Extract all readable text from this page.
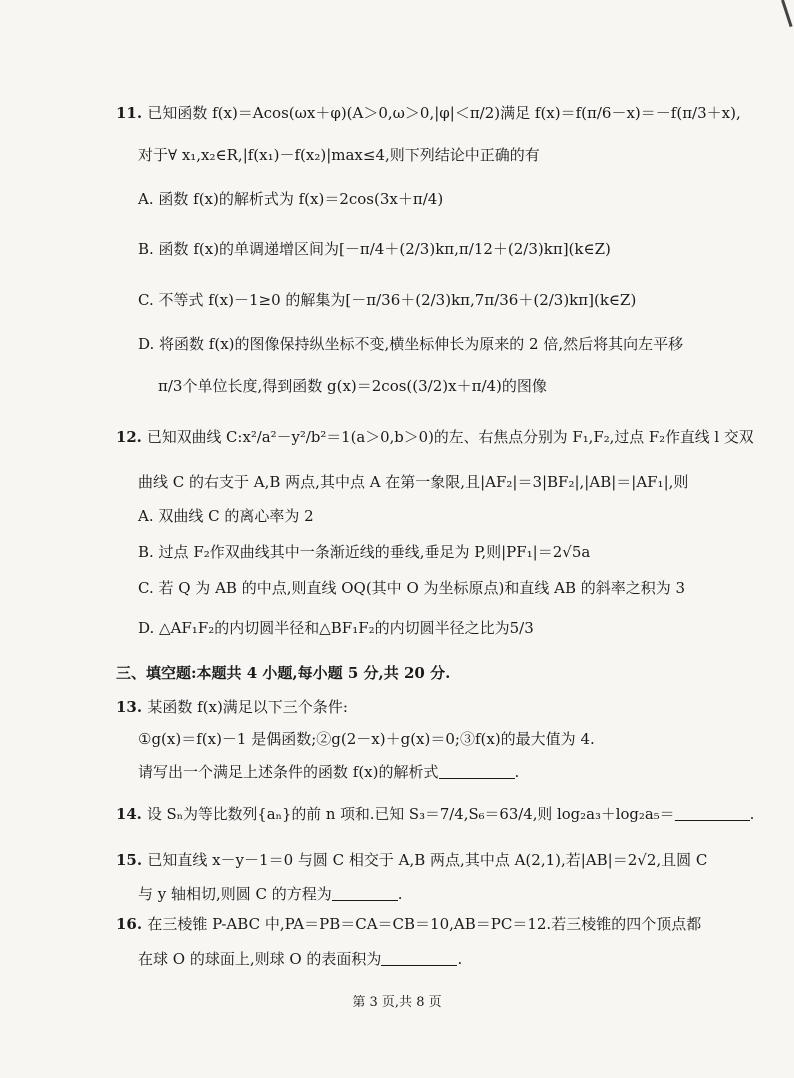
11. 已知函数 f(x)＝Acos(ωx＋φ)(A＞0,ω＞0,|φ|＜π/2)满足 f(x)＝f(π/6－x)＝－f(π/3＋x),
对于∀ x₁,x₂∈R,|f(x₁)－f(x₂)|max≤4,则下列结论中正确的有
A. 函数 f(x)的解析式为 f(x)＝2cos(3x＋π/4)
B. 函数 f(x)的单调递增区间为[－π/4＋(2/3)kπ,π/12＋(2/3)kπ](k∈Z)
C. 不等式 f(x)－1≥0 的解集为[－π/36＋(2/3)kπ,7π/36＋(2/3)kπ](k∈Z)
D. 将函数 f(x)的图像保持纵坐标不变,横坐标伸长为原来的 2 倍,然后将其向左平移
π/3个单位长度,得到函数 g(x)＝2cos((3/2)x＋π/4)的图像
12. 已知双曲线 C:x²/a²－y²/b²＝1(a＞0,b＞0)的左、右焦点分别为 F₁,F₂,过点 F₂作直线 l 交双
曲线 C 的右支于 A,B 两点,其中点 A 在第一象限,且|AF₂|＝3|BF₂|,|AB|＝|AF₁|,则
A. 双曲线 C 的离心率为 2
B. 过点 F₂作双曲线其中一条渐近线的垂线,垂足为 P,则|PF₁|＝2√5a
C. 若 Q 为 AB 的中点,则直线 OQ(其中 O 为坐标原点)和直线 AB 的斜率之积为 3
D. △AF₁F₂的内切圆半径和△BF₁F₂的内切圆半径之比为5/3
三、填空题:本题共 4 小题,每小题 5 分,共 20 分.
13. 某函数 f(x)满足以下三个条件:
①g(x)＝f(x)－1 是偶函数;②g(2－x)＋g(x)＝0;③f(x)的最大值为 4.
请写出一个满足上述条件的函数 f(x)的解析式	.
14. 设 Sₙ为等比数列{aₙ}的前 n 项和.已知 S₃＝7/4,S₆＝63/4,则 log₂a₃＋log₂a₅＝	.
15. 已知直线 x－y－1＝0 与圆 C 相交于 A,B 两点,其中点 A(2,1),若|AB|＝2√2,且圆 C
与 y 轴相切,则圆 C 的方程为	.
16. 在三棱锥 P-ABC 中,PA＝PB＝CA＝CB＝10,AB＝PC＝12.若三棱锥的四个顶点都
在球 O 的球面上,则球 O 的表面积为	.
第 3 页,共 8 页
